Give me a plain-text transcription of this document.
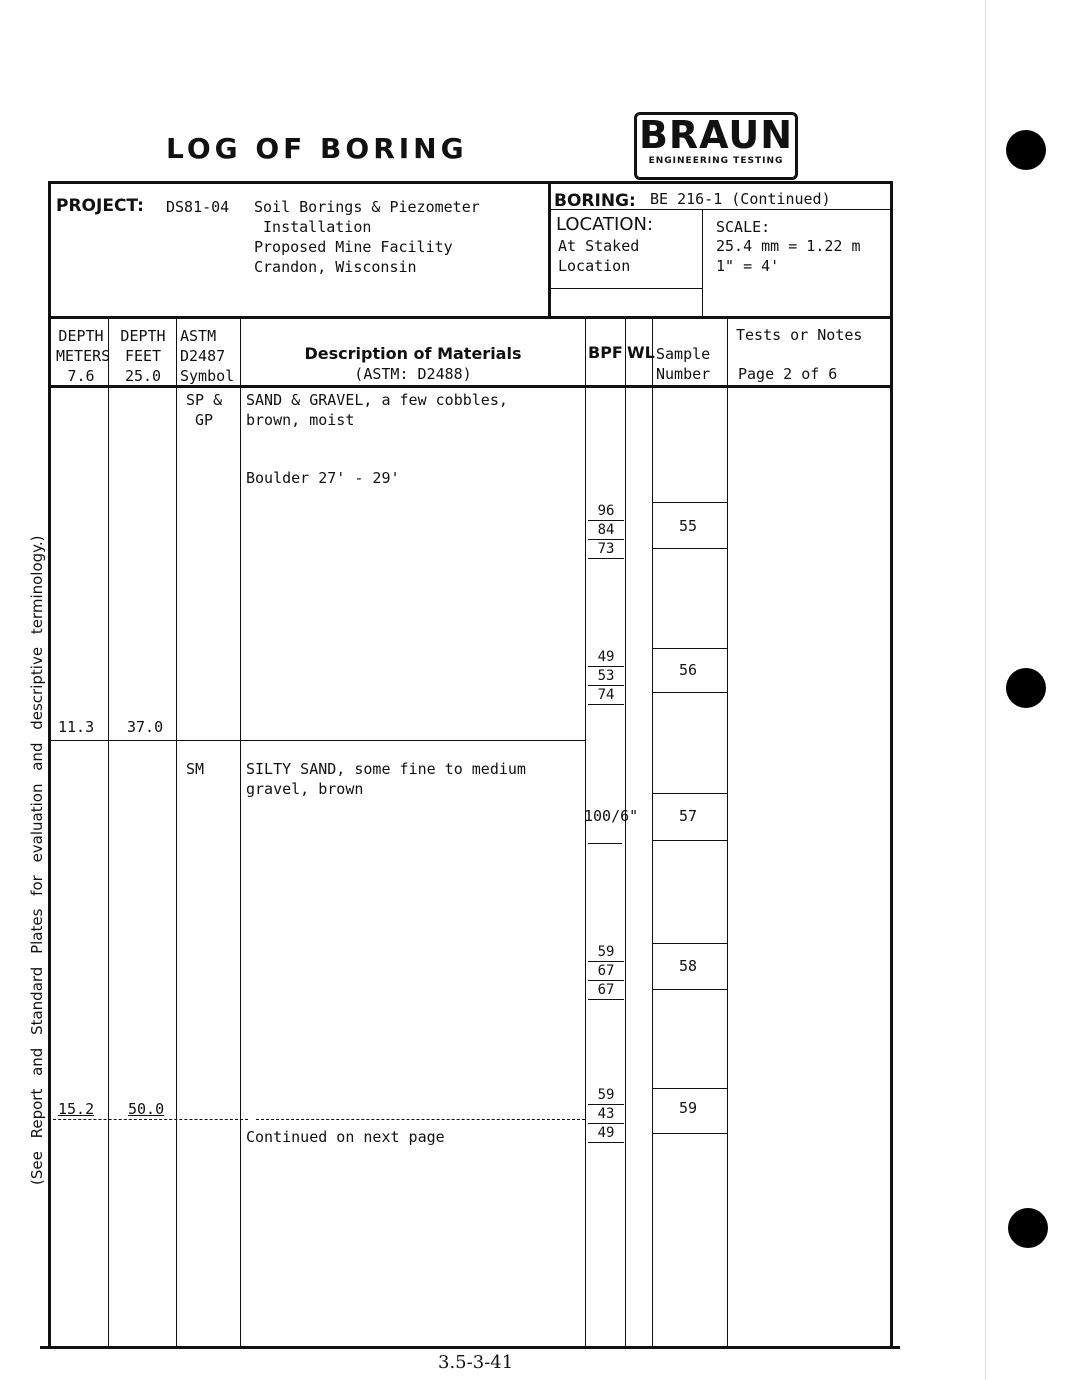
LOG OF BORING	BRAUN
ENGINEERING TESTING
PROJECT: DS81-04 Soil Borings & Piezometer
Installation
Proposed Mine Facility
Crandon, Wisconsin
BORING: BE 216-1 (Continued)
LOCATION:
At Staked
Location
SCALE:
25.4 mm = 1.22 m
1" = 4'
DEPTH
METERS
7.6
DEPTH
FEET
25.0
ASTM
D2487
Symbol
Description of Materials
(ASTM: D2488)
BPF WL Sample
Number
Tests or Notes
Page 2 of 6
SP &
GP
SAND & GRAVEL, a few cobbles,
brown, moist
Boulder 27' - 29'
11.3 37.0
SM	SILTY SAND, some fine to medium
gravel, brown
55
56
57
58
59
96
84
73
49
53
74
100/6"
59
67
67
59
43
49
15.2 50.0
Continued on next page
(See Report and Standard Plates for evaluation and descriptive terminology.)
3.5-3-41
